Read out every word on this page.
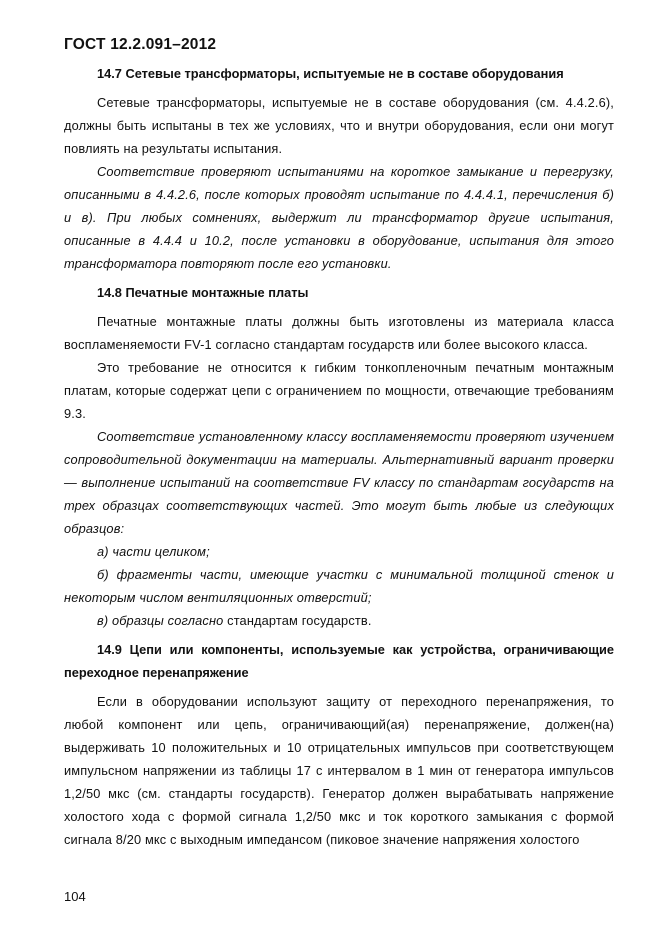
ГОСТ 12.2.091–2012
14.7 Сетевые трансформаторы, испытуемые не в составе оборудования

Сетевые трансформаторы, испытуемые не в составе оборудования (см. 4.4.2.6), должны быть испытаны в тех же условиях, что и внутри оборудования, если они могут повлиять на результаты испытания.

Соответствие проверяют испытаниями на короткое замыкание и перегрузку, описанными в 4.4.2.6, после которых проводят испытание по 4.4.4.1, перечисления б) и в). При любых сомнениях, выдержит ли трансформатор другие испытания, описанные в 4.4.4 и 10.2, после установки в оборудование, испытания для этого трансформатора повторяют после его установки.

14.8 Печатные монтажные платы

Печатные монтажные платы должны быть изготовлены из материала класса воспламеняемости FV-1 согласно стандартам государств или более высокого класса.

Это требование не относится к гибким тонкопленочным печатным монтажным платам, которые содержат цепи с ограничением по мощности, отвечающие требованиям 9.3.

Соответствие установленному классу воспламеняемости проверяют изучением сопроводительной документации на материалы. Альтернативный вариант проверки — выполнение испытаний на соответствие FV классу по стандартам государств на трех образцах соответствующих частей. Это могут быть любые из следующих образцов:

а) части целиком;

б) фрагменты части, имеющие участки с минимальной толщиной стенок и некоторым числом вентиляционных отверстий;

в) образцы согласно стандартам государств.

14.9 Цепи или компоненты, используемые как устройства, ограничивающие переходное перенапряжение

Если в оборудовании используют защиту от переходного перенапряжения, то любой компонент или цепь, ограничивающий(ая) перенапряжение, должен(на) выдерживать 10 положительных и 10 отрицательных импульсов при соответствующем импульсном напряжении из таблицы 17 с интервалом в 1 мин от генератора импульсов 1,2/50 мкс (см. стандарты государств). Генератор должен вырабатывать напряжение холостого хода с формой сигнала 1,2/50 мкс и ток короткого замыкания с формой сигнала 8/20 мкс с выходным импедансом (пиковое значение напряжения холостого

104
